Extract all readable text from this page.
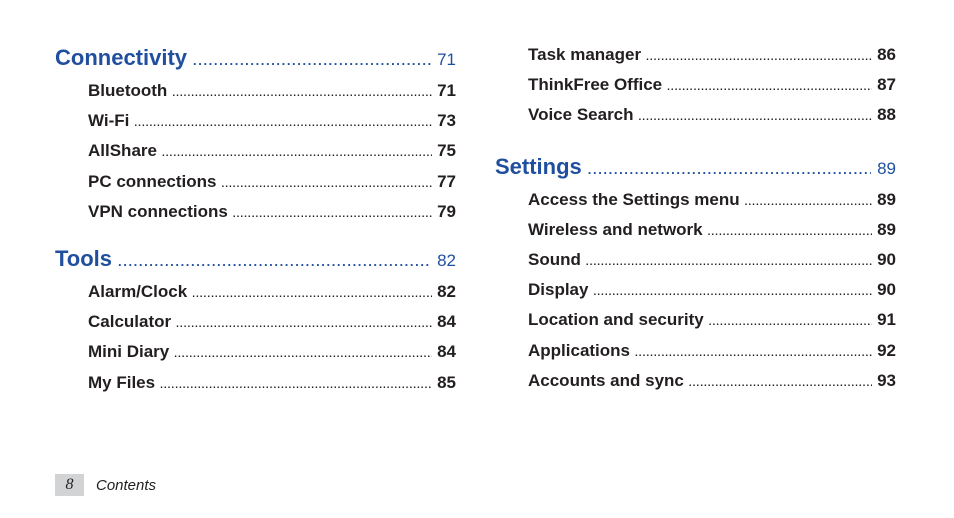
Connectivity .....	71
Bluetooth .....	71
Wi-Fi .....	73
AllShare .....	75
PC connections .....	77
VPN connections .....	79
Tools .....	82
Alarm/Clock .....	82
Calculator .....	84
Mini Diary .....	84
My Files .....	85
Task manager .....	86
ThinkFree Office .....	87
Voice Search .....	88
Settings .....	89
Access the Settings menu .....	89
Wireless and network .....	89
Sound .....	90
Display .....	90
Location and security .....	91
Applications .....	92
Accounts and sync .....	93
8	Contents
